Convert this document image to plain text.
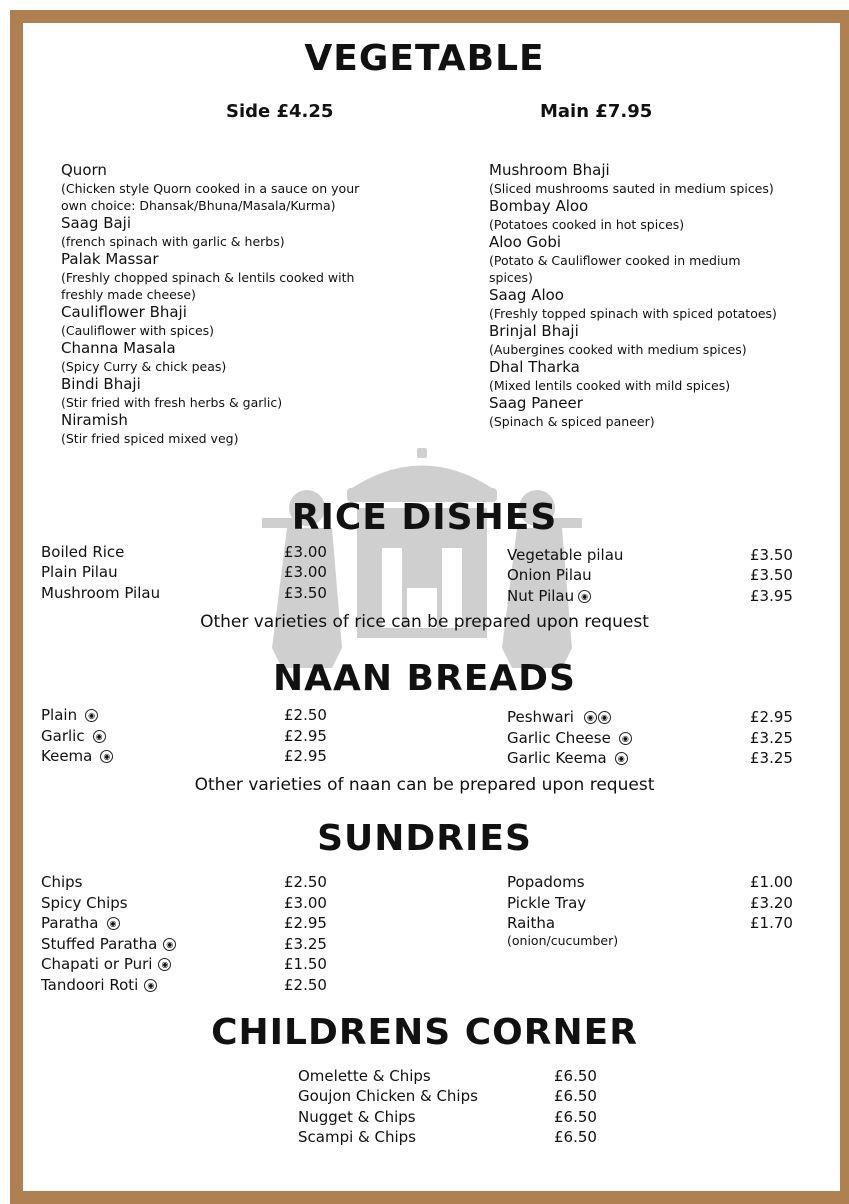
VEGETABLE
Side £4.25	Main £7.95
Quorn
(Chicken style Quorn cooked in a sauce on your own choice: Dhansak/Bhuna/Masala/Kurma)
Saag Baji
(french spinach with garlic & herbs)
Palak Massar
(Freshly chopped spinach & lentils cooked with freshly made cheese)
Cauliflower Bhaji
(Cauliflower with spices)
Channa Masala
(Spicy Curry & chick peas)
Bindi Bhaji
(Stir fried with fresh herbs & garlic)
Niramish
(Stir fried spiced mixed veg)
Mushroom Bhaji
(Sliced mushrooms sauted in medium spices)
Bombay Aloo
(Potatoes cooked in hot spices)
Aloo Gobi
(Potato & Cauliflower cooked in medium spices)
Saag Aloo
(Freshly topped spinach with spiced potatoes)
Brinjal Bhaji
(Aubergines cooked with medium spices)
Dhal Tharka
(Mixed lentils cooked with mild spices)
Saag Paneer
(Spinach & spiced paneer)
RICE DISHES
Boiled Rice	£3.00
Plain Pilau	£3.00
Mushroom Pilau	£3.50
Vegetable pilau	£3.50
Onion Pilau	£3.50
Nut Pilau ◉	£3.95
Other varieties of rice can be prepared upon request
NAAN BREADS
Plain ◉	£2.50
Garlic ◉	£2.95
Keema ◉	£2.95
Peshwari ◉ ◉	£2.95
Garlic Cheese ◉	£3.25
Garlic Keema ◉	£3.25
Other varieties of naan can be prepared upon request
SUNDRIES
Chips	£2.50
Spicy Chips	£3.00
Paratha ◉	£2.95
Stuffed Paratha ◉	£3.25
Chapati or Puri ◉	£1.50
Tandoori Roti ◉	£2.50
Popadoms	£1.00
Pickle Tray	£3.20
Raitha	£1.70
(onion/cucumber)
CHILDRENS CORNER
Omelette & Chips	£6.50
Goujon Chicken & Chips	£6.50
Nugget & Chips	£6.50
Scampi & Chips	£6.50
